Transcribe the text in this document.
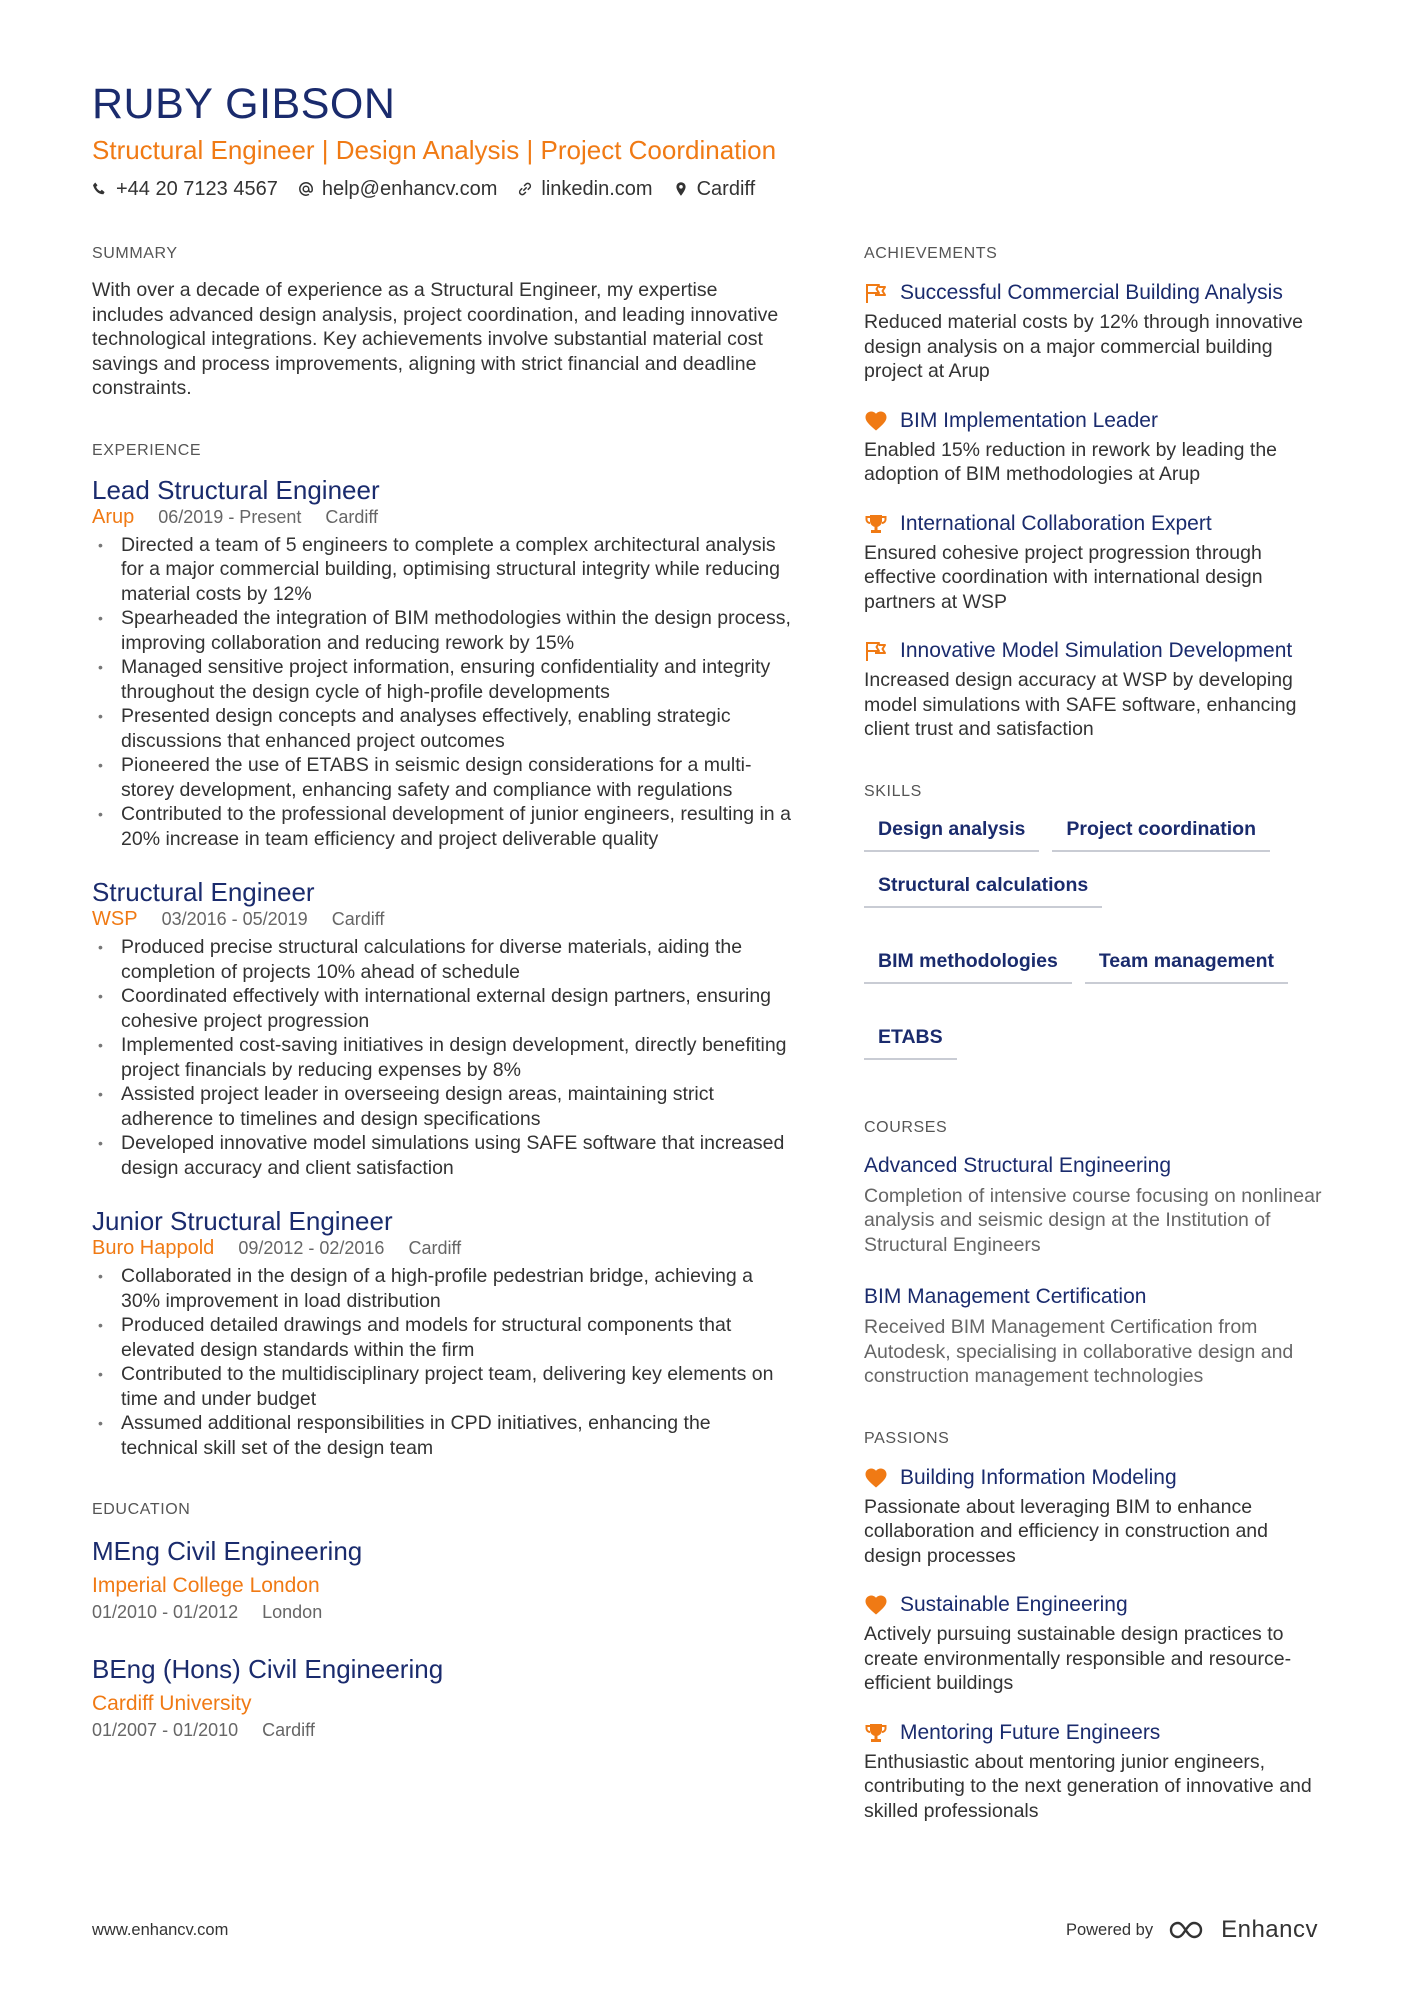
RUBY GIBSON
Structural Engineer | Design Analysis | Project Coordination
+44 20 7123 4567 help@enhancv.com linkedin.com Cardiff
SUMMARY
With over a decade of experience as a Structural Engineer, my expertise includes advanced design analysis, project coordination, and leading innovative technological integrations. Key achievements involve substantial material cost savings and process improvements, aligning with strict financial and deadline constraints.
EXPERIENCE
Lead Structural Engineer
Arup 06/2019 - Present Cardiff
• Directed a team of 5 engineers to complete a complex architectural analysis for a major commercial building, optimising structural integrity while reducing material costs by 12%
• Spearheaded the integration of BIM methodologies within the design process, improving collaboration and reducing rework by 15%
• Managed sensitive project information, ensuring confidentiality and integrity throughout the design cycle of high-profile developments
• Presented design concepts and analyses effectively, enabling strategic discussions that enhanced project outcomes
• Pioneered the use of ETABS in seismic design considerations for a multi-storey development, enhancing safety and compliance with regulations
• Contributed to the professional development of junior engineers, resulting in a 20% increase in team efficiency and project deliverable quality
Structural Engineer
WSP 03/2016 - 05/2019 Cardiff
• Produced precise structural calculations for diverse materials, aiding the completion of projects 10% ahead of schedule
• Coordinated effectively with international external design partners, ensuring cohesive project progression
• Implemented cost-saving initiatives in design development, directly benefiting project financials by reducing expenses by 8%
• Assisted project leader in overseeing design areas, maintaining strict adherence to timelines and design specifications
• Developed innovative model simulations using SAFE software that increased design accuracy and client satisfaction
Junior Structural Engineer
Buro Happold 09/2012 - 02/2016 Cardiff
• Collaborated in the design of a high-profile pedestrian bridge, achieving a 30% improvement in load distribution
• Produced detailed drawings and models for structural components that elevated design standards within the firm
• Contributed to the multidisciplinary project team, delivering key elements on time and under budget
• Assumed additional responsibilities in CPD initiatives, enhancing the technical skill set of the design team
EDUCATION
MEng Civil Engineering
Imperial College London
01/2010 - 01/2012 London
BEng (Hons) Civil Engineering
Cardiff University
01/2007 - 01/2010 Cardiff
ACHIEVEMENTS
Successful Commercial Building Analysis
Reduced material costs by 12% through innovative design analysis on a major commercial building project at Arup
BIM Implementation Leader
Enabled 15% reduction in rework by leading the adoption of BIM methodologies at Arup
International Collaboration Expert
Ensured cohesive project progression through effective coordination with international design partners at WSP
Innovative Model Simulation Development
Increased design accuracy at WSP by developing model simulations with SAFE software, enhancing client trust and satisfaction
SKILLS
Design analysis	Project coordination
Structural calculations
BIM methodologies	Team management
ETABS
COURSES
Advanced Structural Engineering
Completion of intensive course focusing on nonlinear analysis and seismic design at the Institution of Structural Engineers
BIM Management Certification
Received BIM Management Certification from Autodesk, specialising in collaborative design and construction management technologies
PASSIONS
Building Information Modeling
Passionate about leveraging BIM to enhance collaboration and efficiency in construction and design processes
Sustainable Engineering
Actively pursuing sustainable design practices to create environmentally responsible and resource-efficient buildings
Mentoring Future Engineers
Enthusiastic about mentoring junior engineers, contributing to the next generation of innovative and skilled professionals
www.enhancv.com	Powered by	Enhancv
